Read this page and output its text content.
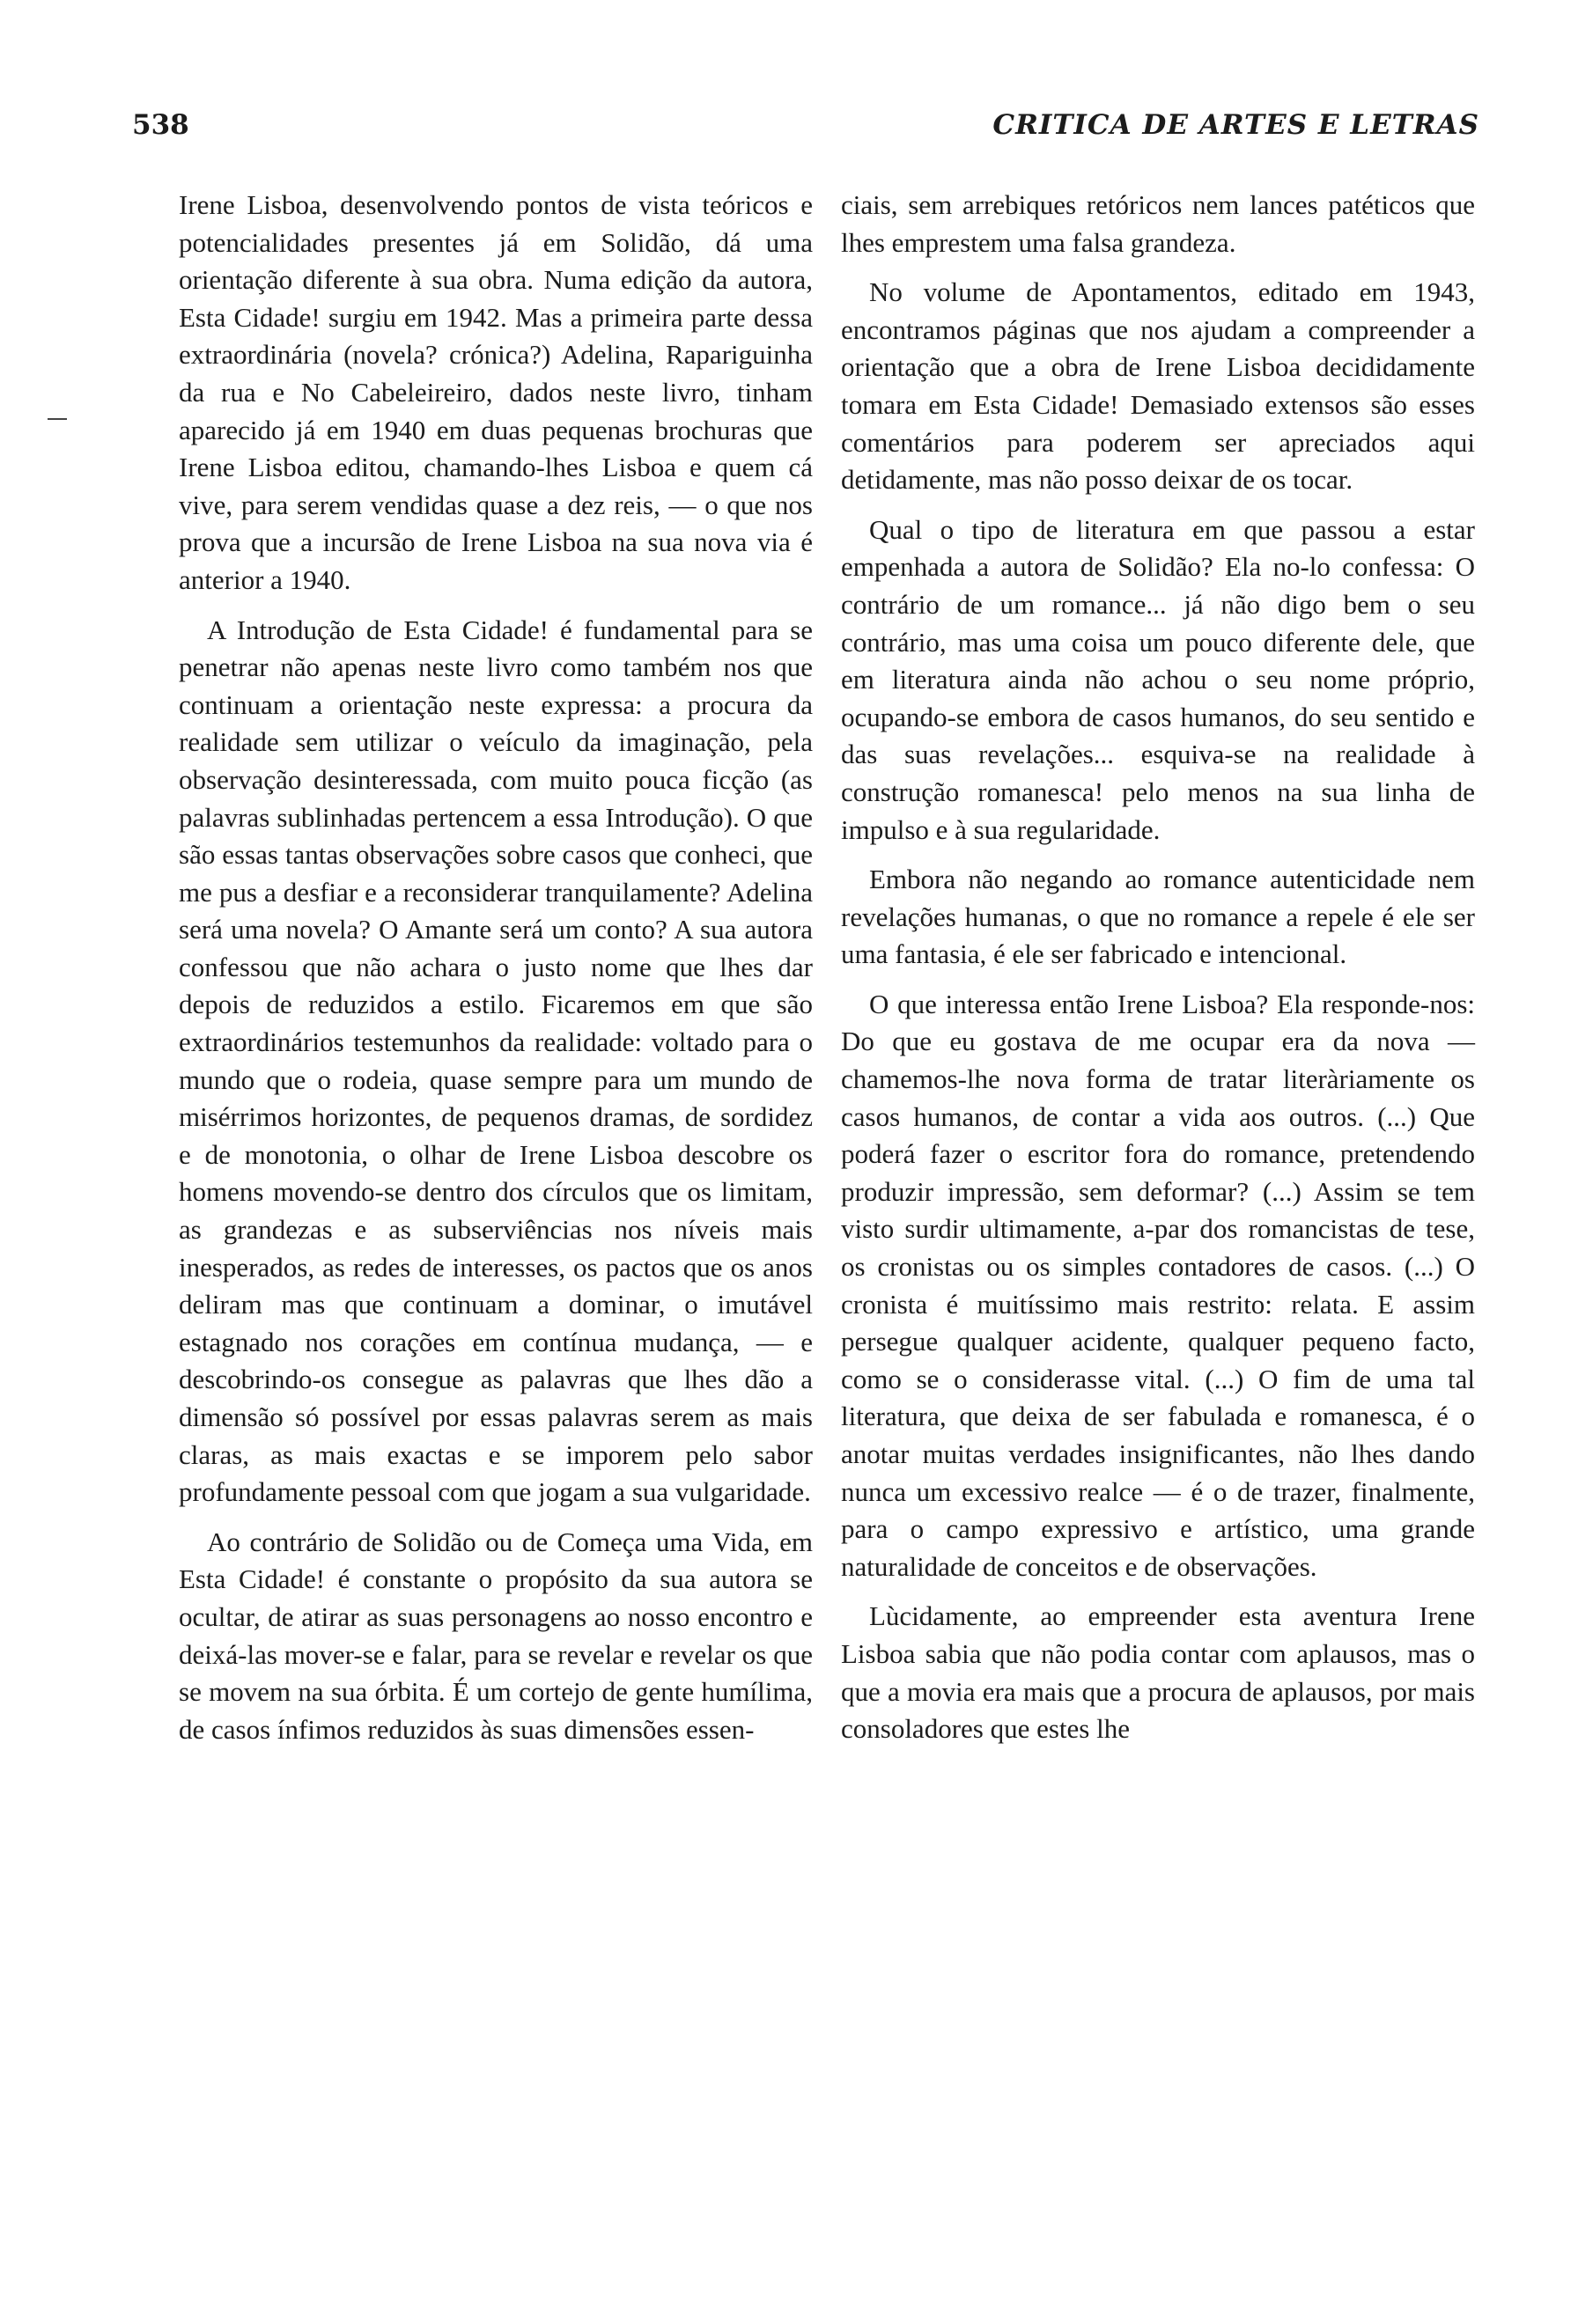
538	CRITICA DE ARTES E LETRAS

Irene Lisboa, desenvolvendo pontos de vista teóricos e potencialidades presentes já em Solidão, dá uma orientação diferente à sua obra. Numa edição da autora, Esta Cidade! surgiu em 1942. Mas a primeira parte dessa extraordinária (novela? crónica?) Adelina, Rapariguinha da rua e No Cabeleireiro, dados neste livro, tinham aparecido já em 1940 em duas pequenas brochuras que Irene Lisboa editou, chamando-lhes Lisboa e quem cá vive, para serem vendidas quase a dez reis, — o que nos prova que a incursão de Irene Lisboa na sua nova via é anterior a 1940.

A Introdução de Esta Cidade! é fundamental para se penetrar não apenas neste livro como também nos que continuam a orientação neste expressa: a procura da realidade sem utilizar o veículo da imaginação, pela observação desinteressada, com muito pouca ficção (as palavras sublinhadas pertencem a essa Introdução). O que são essas tantas observações sobre casos que conheci, que me pus a desfiar e a reconsiderar tranquilamente? Adelina será uma novela? O Amante será um conto? A sua autora confessou que não achara o justo nome que lhes dar depois de reduzidos a estilo. Ficaremos em que são extraordinários testemunhos da realidade: voltado para o mundo que o rodeia, quase sempre para um mundo de misérrimos horizontes, de pequenos dramas, de sordidez e de monotonia, o olhar de Irene Lisboa descobre os homens movendo-se dentro dos círculos que os limitam, as grandezas e as subserviências nos níveis mais inesperados, as redes de interesses, os pactos que os anos deliram mas que continuam a dominar, o imutável estagnado nos corações em contínua mudança, — e descobrindo-os consegue as palavras que lhes dão a dimensão só possível por essas palavras serem as mais claras, as mais exactas e se imporem pelo sabor profundamente pessoal com que jogam a sua vulgaridade.

Ao contrário de Solidão ou de Começa uma Vida, em Esta Cidade! é constante o propósito da sua autora se ocultar, de atirar as suas personagens ao nosso encontro e deixá-las mover-se e falar, para se revelar e revelar os que se movem na sua órbita. É um cortejo de gente humílima, de casos ínfimos reduzidos às suas dimensões essen-

ciais, sem arrebiques retóricos nem lances patéticos que lhes emprestem uma falsa grandeza.

No volume de Apontamentos, editado em 1943, encontramos páginas que nos ajudam a compreender a orientação que a obra de Irene Lisboa decididamente tomara em Esta Cidade! Demasiado extensos são esses comentários para poderem ser apreciados aqui detidamente, mas não posso deixar de os tocar.

Qual o tipo de literatura em que passou a estar empenhada a autora de Solidão? Ela no-lo confessa: O contrário de um romance... já não digo bem o seu contrário, mas uma coisa um pouco diferente dele, que em literatura ainda não achou o seu nome próprio, ocupando-se embora de casos humanos, do seu sentido e das suas revelações... esquiva-se na realidade à construção romanesca! pelo menos na sua linha de impulso e à sua regularidade.

Embora não negando ao romance autenticidade nem revelações humanas, o que no romance a repele é ele ser uma fantasia, é ele ser fabricado e intencional.

O que interessa então Irene Lisboa? Ela responde-nos: Do que eu gostava de me ocupar era da nova — chamemos-lhe nova forma de tratar literàriamente os casos humanos, de contar a vida aos outros. (...) Que poderá fazer o escritor fora do romance, pretendendo produzir impressão, sem deformar? (...) Assim se tem visto surdir ultimamente, a-par dos romancistas de tese, os cronistas ou os simples contadores de casos. (...) O cronista é muitíssimo mais restrito: relata. E assim persegue qualquer acidente, qualquer pequeno facto, como se o considerasse vital. (...) O fim de uma tal literatura, que deixa de ser fabulada e romanesca, é o anotar muitas verdades insignificantes, não lhes dando nunca um excessivo realce — é o de trazer, finalmente, para o campo expressivo e artístico, uma grande naturalidade de conceitos e de observações.

Lùcidamente, ao empreender esta aventura Irene Lisboa sabia que não podia contar com aplausos, mas o que a movia era mais que a procura de aplausos, por mais consoladores que estes lhe
